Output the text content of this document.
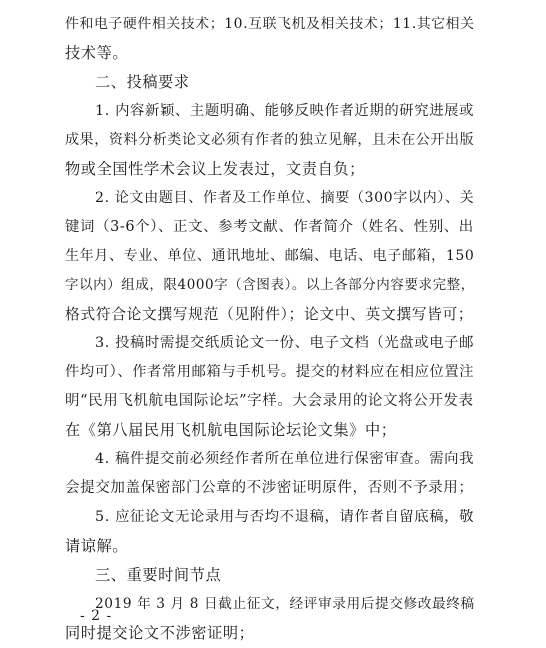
件和电子硬件相关技术；10.互联飞机及相关技术；11.其它相关
技术等。
二、投稿要求
1. 内容新颖、主题明确、能够反映作者近期的研究进展或
成果，资料分析类论文必须有作者的独立见解，且未在公开出版
物或全国性学术会议上发表过，文责自负；
2. 论文由题目、作者及工作单位、摘要（300字以内）、关
键词（3-6个）、正文、参考文献、作者简介（姓名、性别、出
生年月、专业、单位、通讯地址、邮编、电话、电子邮箱，150
字以内）组成，限4000字（含图表）。以上各部分内容要求完整，
格式符合论文撰写规范（见附件）；论文中、英文撰写皆可；
3. 投稿时需提交纸质论文一份、电子文档（光盘或电子邮
件均可）、作者常用邮箱与手机号。提交的材料应在相应位置注
明“民用飞机航电国际论坛”字样。大会录用的论文将公开发表
在《第八届民用飞机航电国际论坛论文集》中；
4. 稿件提交前必须经作者所在单位进行保密审查。需向我
会提交加盖保密部门公章的不涉密证明原件，否则不予录用；
5. 应征论文无论录用与否均不退稿，请作者自留底稿，敬
请谅解。
三、重要时间节点
2019 年 3 月 8 日截止征文，经评审录用后提交修改最终稿
同时提交论文不涉密证明；
- 2 -
